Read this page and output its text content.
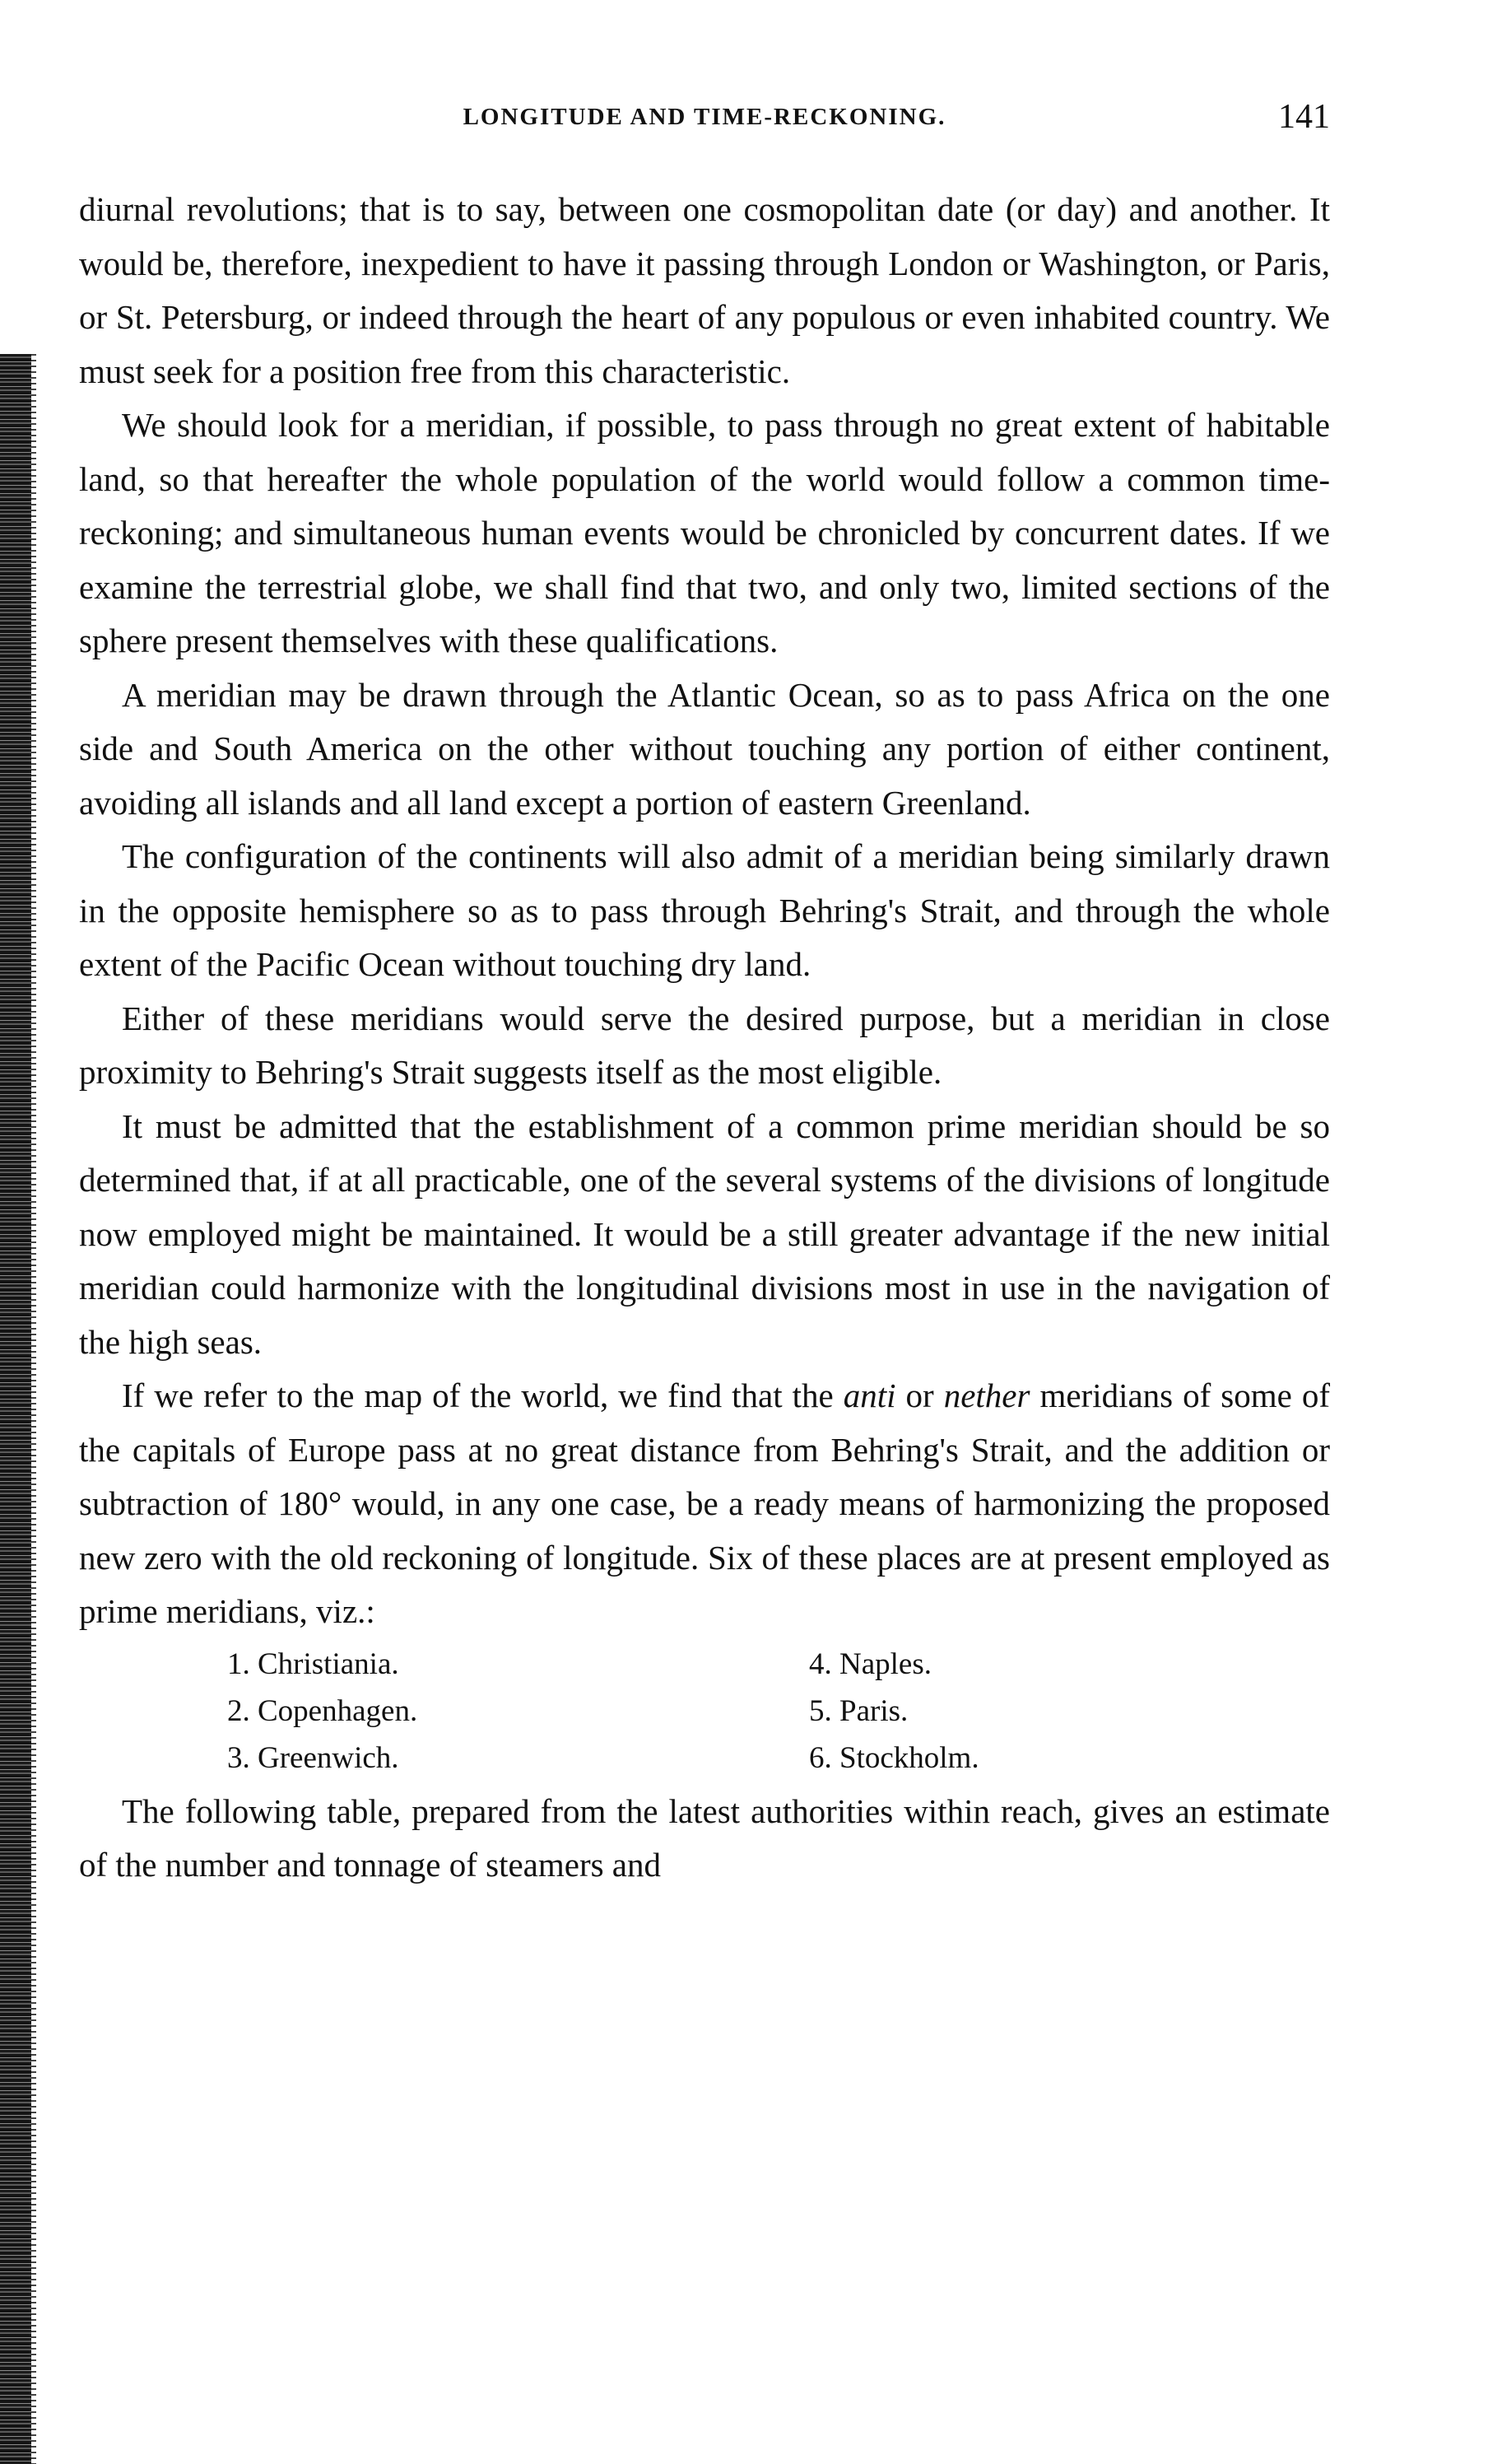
LONGITUDE AND TIME-RECKONING.	141

diurnal revolutions; that is to say, between one cosmopolitan date (or day) and another. It would be, therefore, inexpedient to have it passing through London or Washington, or Paris, or St. Petersburg, or indeed through the heart of any populous or even inhabited country. We must seek for a position free from this characteristic.

We should look for a meridian, if possible, to pass through no great extent of habitable land, so that hereafter the whole population of the world would follow a common time-reckoning; and simultaneous human events would be chronicled by concurrent dates. If we examine the terrestrial globe, we shall find that two, and only two, limited sections of the sphere present themselves with these qualifications.

A meridian may be drawn through the Atlantic Ocean, so as to pass Africa on the one side and South America on the other without touching any portion of either continent, avoiding all islands and all land except a portion of eastern Greenland.

The configuration of the continents will also admit of a meridian being similarly drawn in the opposite hemisphere so as to pass through Behring's Strait, and through the whole extent of the Pacific Ocean without touching dry land.

Either of these meridians would serve the desired purpose, but a meridian in close proximity to Behring's Strait suggests itself as the most eligible.

It must be admitted that the establishment of a common prime meridian should be so determined that, if at all practicable, one of the several systems of the divisions of longitude now employed might be maintained. It would be a still greater advantage if the new initial meridian could harmonize with the longitudinal divisions most in use in the navigation of the high seas.

If we refer to the map of the world, we find that the anti or nether meridians of some of the capitals of Europe pass at no great distance from Behring's Strait, and the addition or subtraction of 180° would, in any one case, be a ready means of harmonizing the proposed new zero with the old reckoning of longitude. Six of these places are at present employed as prime meridians, viz.:

1. Christiania.	4. Naples.
2. Copenhagen.	5. Paris.
3. Greenwich.	6. Stockholm.

The following table, prepared from the latest authorities within reach, gives an estimate of the number and tonnage of steamers and
